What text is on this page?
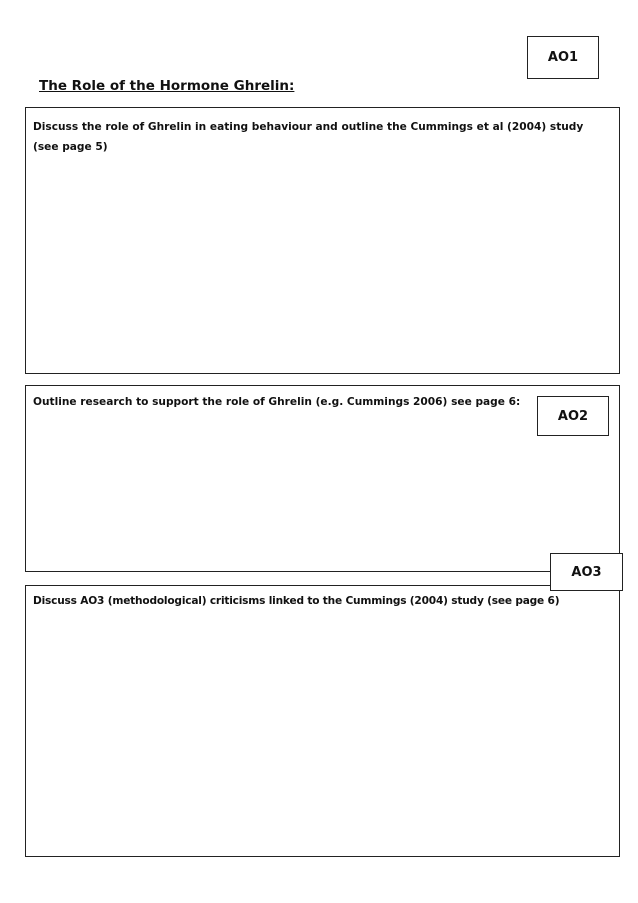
AO1
The Role of the Hormone Ghrelin:
Discuss the role of Ghrelin in eating behaviour and outline the Cummings et al (2004) study (see page 5)
Outline research to support the role of Ghrelin (e.g. Cummings 2006) see page 6:
AO2
Discuss AO3 (methodological) criticisms linked to the Cummings (2004) study (see page 6)
AO3
